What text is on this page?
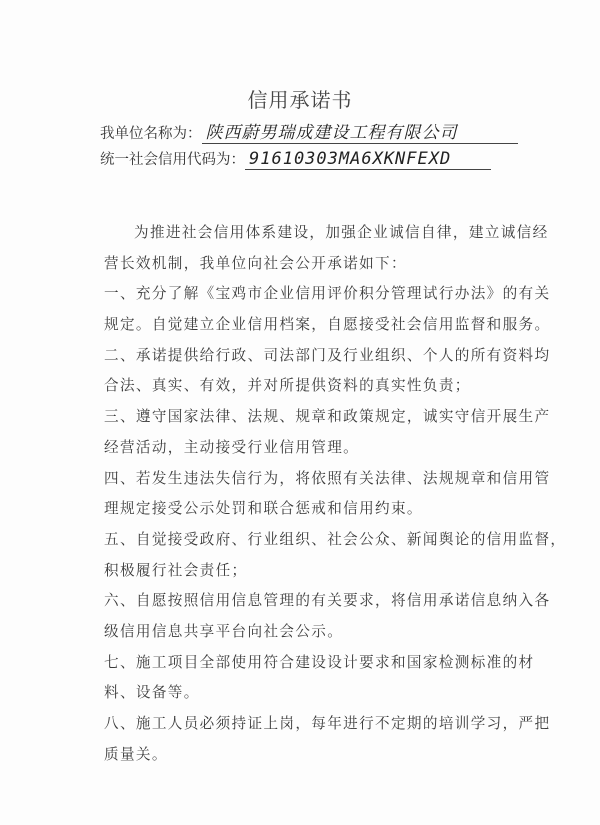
信用承诺书
我单位名称为： 陕西蔚男瑞成建设工程有限公司
统一社会信用代码为： 91610303MA6XKNFEXD
为推进社会信用体系建设，加强企业诚信自律，建立诚信经
营长效机制，我单位向社会公开承诺如下：
一、充分了解《宝鸡市企业信用评价积分管理试行办法》的有关
规定。自觉建立企业信用档案，自愿接受社会信用监督和服务。
二、承诺提供给行政、司法部门及行业组织、个人的所有资料均
合法、真实、有效，并对所提供资料的真实性负责；
三、遵守国家法律、法规、规章和政策规定，诚实守信开展生产
经营活动，主动接受行业信用管理。
四、若发生违法失信行为，将依照有关法律、法规规章和信用管
理规定接受公示处罚和联合惩戒和信用约束。
五、自觉接受政府、行业组织、社会公众、新闻舆论的信用监督，
积极履行社会责任；
六、自愿按照信用信息管理的有关要求，将信用承诺信息纳入各
级信用信息共享平台向社会公示。
七、施工项目全部使用符合建设设计要求和国家检测标准的材
料、设备等。
八、施工人员必须持证上岗，每年进行不定期的培训学习，严把
质量关。
